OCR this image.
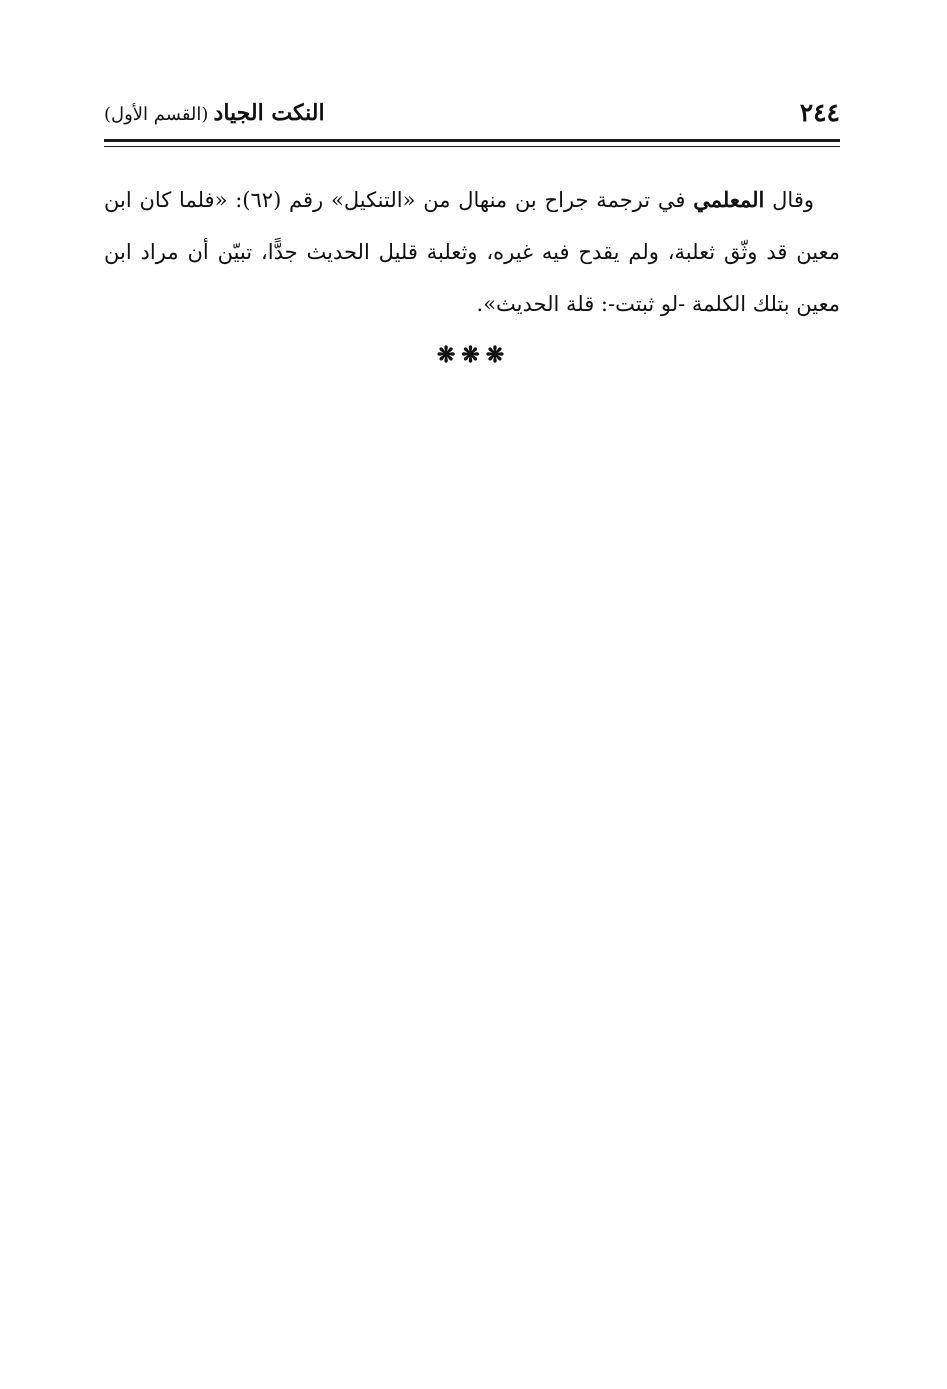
٢٤٤
النكت الجياد (القسم الأول)

وقال المعلمي في ترجمة جراح بن منهال من «التنكيل» رقم (٦٢): «فلما كان ابن معين قد وثّق ثعلبة، ولم يقدح فيه غيره، وثعلبة قليل الحديث جدًّا، تبيّن أن مراد ابن معين بتلك الكلمة -لو ثبتت-: قلة الحديث».

❋❋❋
